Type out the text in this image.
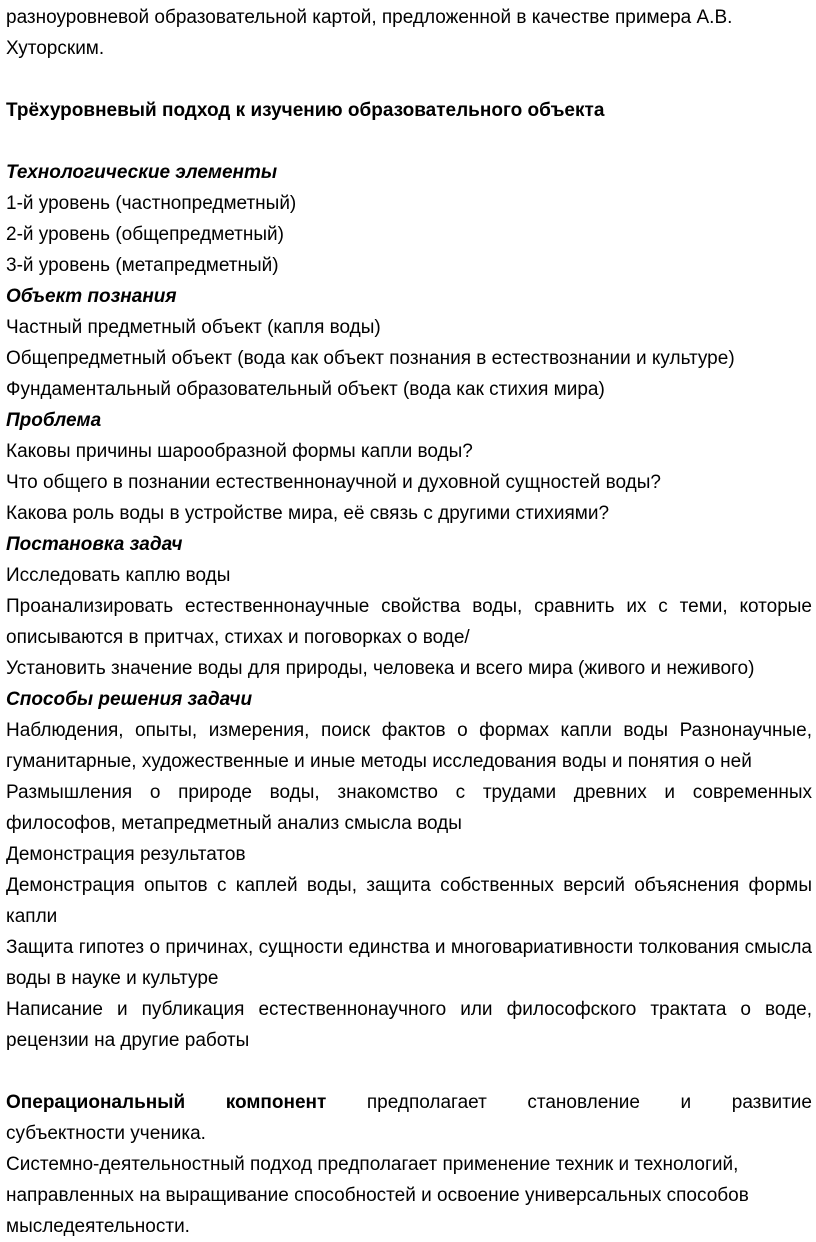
разноуровневой образовательной картой, предложенной в качестве примера А.В.

Хуторским.

Трёхуровневый подход к изучению образовательного объекта

Технологические элементы

1-й уровень (частнопредметный)

2-й уровень (общепредметный)

3-й уровень (метапредметный)

Объект познания

Частный предметный объект (капля воды)

Общепредметный объект (вода как объект познания в естествознании и культуре)

Фундаментальный образовательный объект (вода как стихия мира)

Проблема

Каковы причины шарообразной формы капли воды?

Что общего в познании естественнонаучной и духовной сущностей воды?

Какова роль воды в устройстве мира, её связь с другими стихиями?

Постановка задач

Исследовать каплю воды

Проанализировать естественнонаучные свойства воды, сравнить их с теми, которые описываются в притчах, стихах и поговорках о воде/

Установить значение воды для природы, человека и всего мира (живого и неживого)

Способы решения задачи

Наблюдения, опыты, измерения, поиск фактов о формах капли воды Разнонаучные, гуманитарные, художественные и иные методы исследования воды и понятия о ней

Размышления о природе воды, знакомство с трудами древних и современных философов, метапредметный анализ смысла воды

Демонстрация результатов

Демонстрация опытов с каплей воды, защита собственных версий объяснения формы капли

Защита гипотез о причинах, сущности единства и многовариативности толкования смысла воды в науке и культуре

Написание и публикация естественнонаучного или философского трактата о воде, рецензии на другие работы

Операциональный компонент предполагает становление и развитие

субъектности ученика.

Системно-деятельностный подход предполагает применение техник и технологий, направленных на выращивание способностей и освоение универсальных способов мыследеятельности.
